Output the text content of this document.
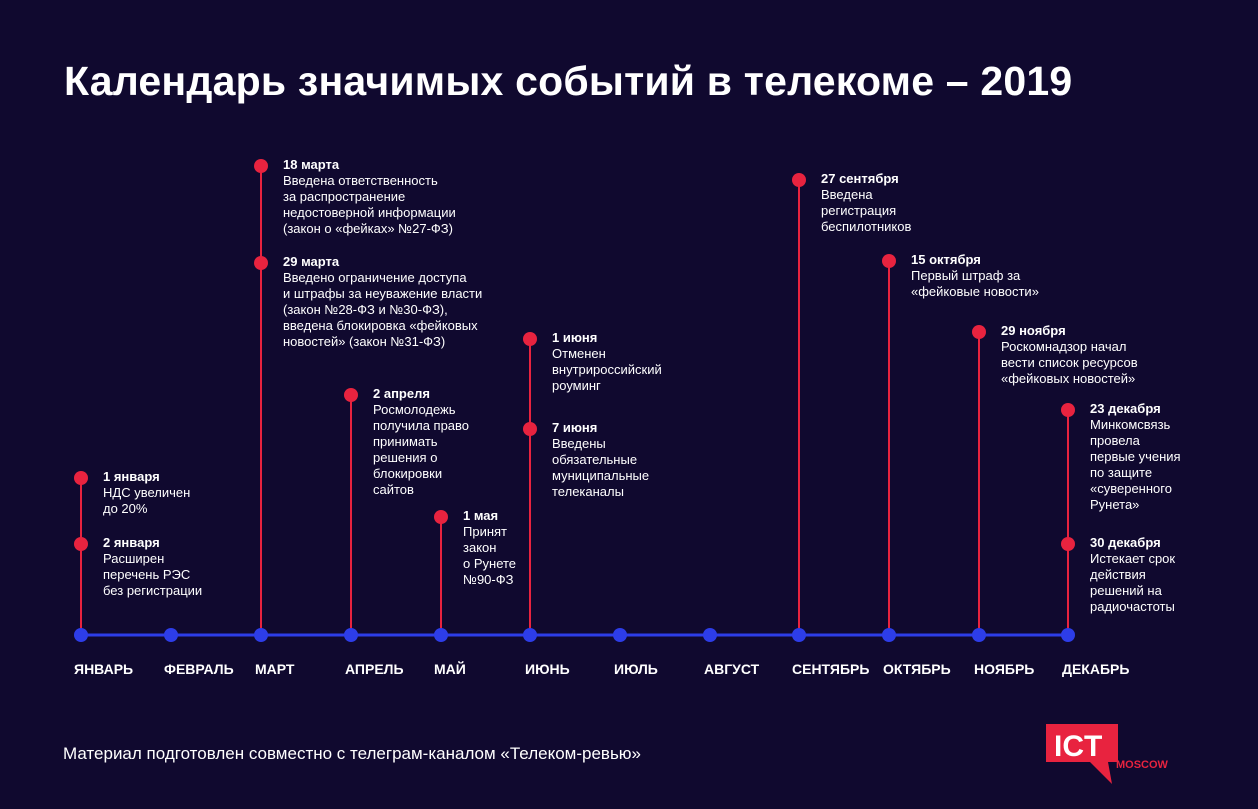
Календарь значимых событий в телекоме – 2019
ЯНВАРЬ ФЕВРАЛЬ МАРТ	АПРЕЛЬ МАЙ	ИЮНЬ	ИЮЛЬ	АВГУСТ СЕНТЯБРЬ ОКТЯБРЬ НОЯБРЬ ДЕКАБРЬ
1 января
НДС увеличен
до 20%
2 января
Расширен
перечень РЭС
без регистрации
18 марта
Введена ответственность
за распространение
недостоверной информации
(закон о «фейках» №27-ФЗ)
29 марта
Введено ограничение доступа
и штрафы за неуважение власти
(закон №28-ФЗ и №30-ФЗ),
введена блокировка «фейковых
новостей» (закон №31-ФЗ)
2 апреля
Росмолодежь
получила право
принимать
решения о
блокировки
сайтов
1 мая
Принят
закон
о Рунете
№90-ФЗ
1 июня
Отменен
внутрироссийский
роуминг
7 июня
Введены
обязательные
муниципальные
телеканалы
27 сентября
Введена
регистрация
беспилотников
15 октября
Первый штраф за
«фейковые новости»
29 ноября
Роскомнадзор начал
вести список ресурсов
«фейковых новостей»
23 декабря
Минкомсвязь
провела
первые учения
по защите
«суверенного
Рунета»
30 декабря
Истекает срок
действия
решений на
радиочастоты
Материал подготовлен совместно с телеграм-каналом «Телеком-ревью»	ICT
MOSCOW
